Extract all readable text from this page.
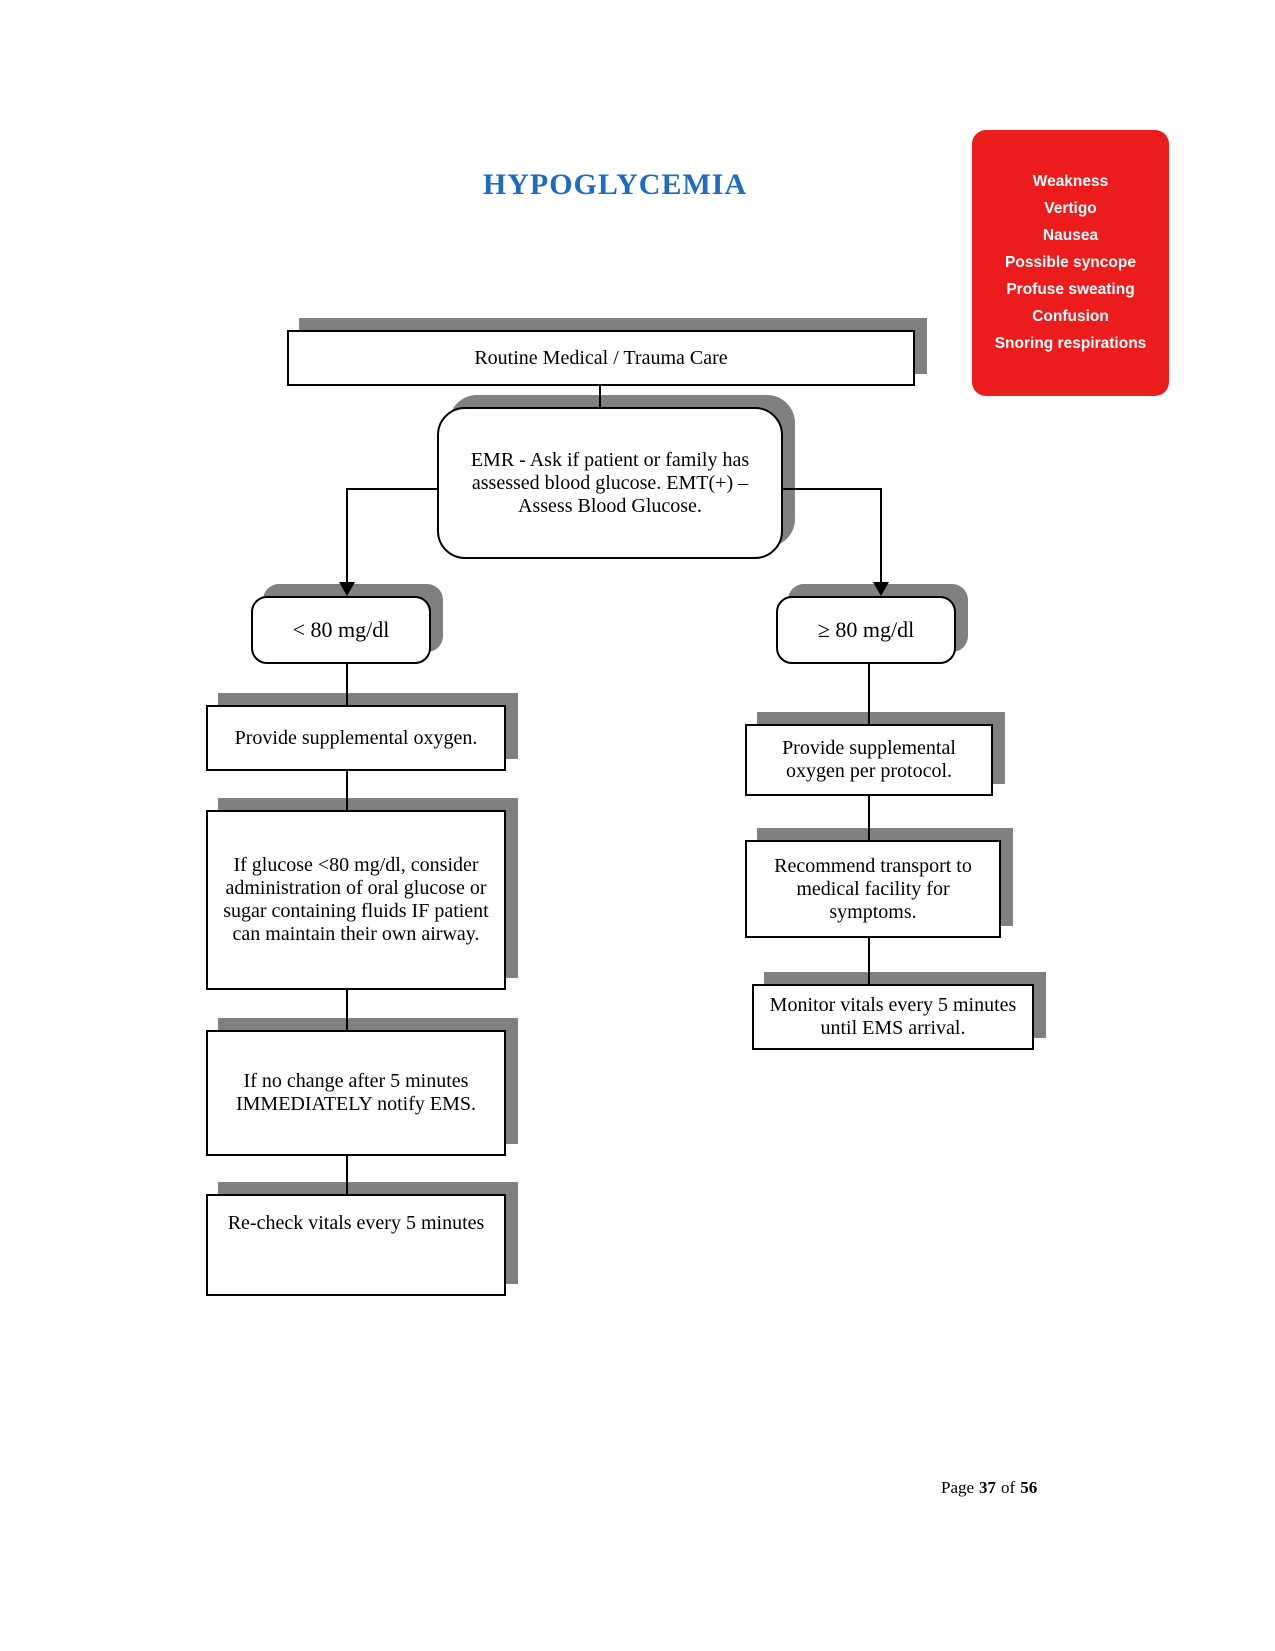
HYPOGLYCEMIA	Weakness
Vertigo
Nausea
Possible syncope
Profuse sweating
Confusion
Snoring respirations
Routine Medical / Trauma Care
EMR - Ask if patient or family has assessed blood glucose. EMT(+) – Assess Blood Glucose.
< 80 mg/dl	≥ 80 mg/dl
Provide supplemental oxygen.
If glucose <80 mg/dl, consider administration of oral glucose or sugar containing fluids IF patient can maintain their own airway.
If no change after 5 minutes IMMEDIATELY notify EMS.
Re-check vitals every 5 minutes
Provide supplemental oxygen per protocol.
Recommend transport to medical facility for symptoms.
Monitor vitals every 5 minutes until EMS arrival.
Page 37 of 56
